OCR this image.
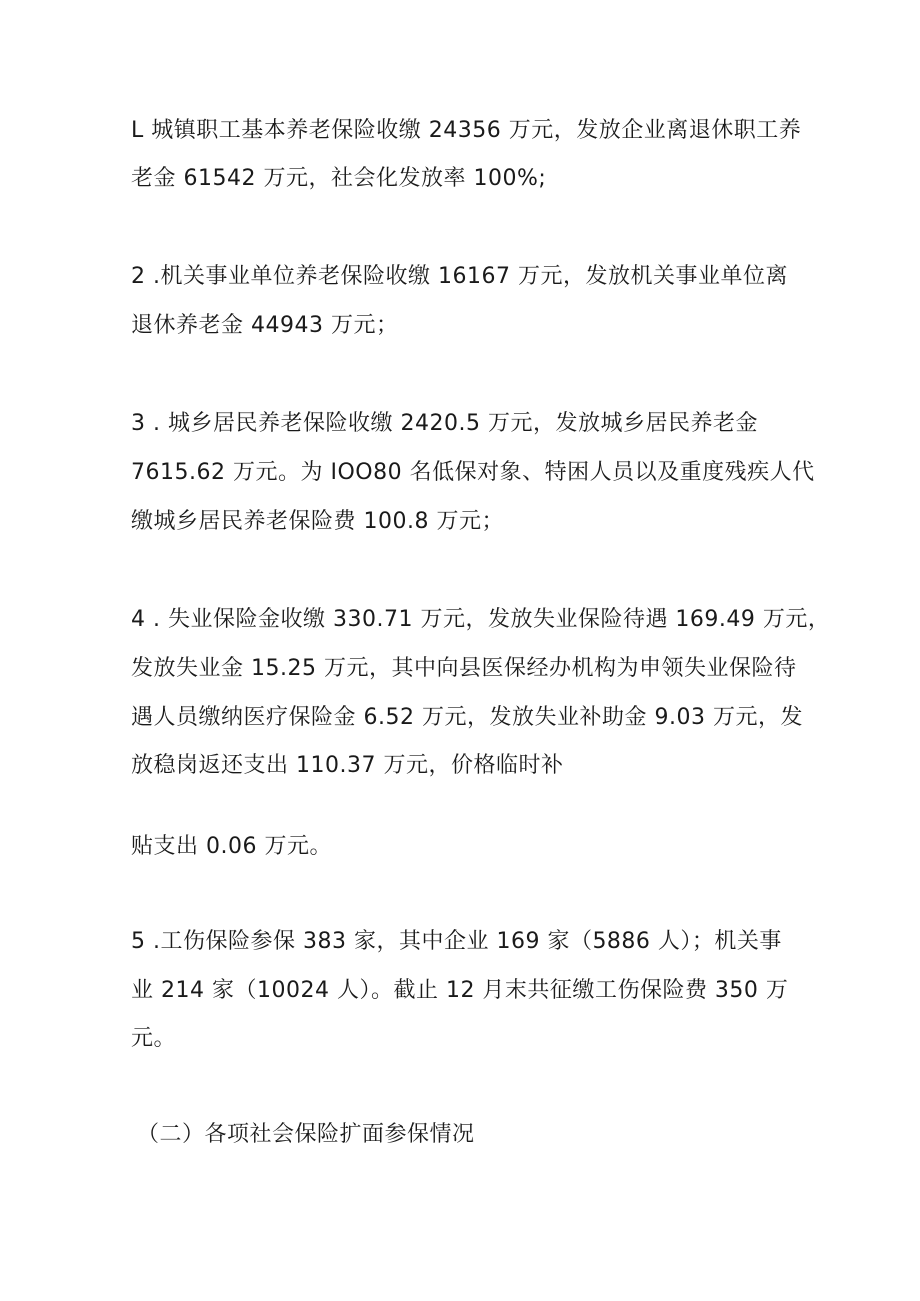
L 城镇职工基本养老保险收缴 24356 万元，发放企业离退休职工养
老金 61542 万元，社会化发放率 100%;
2 .机关事业单位养老保险收缴 16167 万元，发放机关事业单位离
退休养老金 44943 万元；
3 . 城乡居民养老保险收缴 2420.5 万元，发放城乡居民养老金
7615.62 万元。为 IOO80 名低保对象、特困人员以及重度残疾人代
缴城乡居民养老保险费 100.8 万元；
4 . 失业保险金收缴 330.71 万元，发放失业保险待遇 169.49 万元，
发放失业金 15.25 万元，其中向县医保经办机构为申领失业保险待
遇人员缴纳医疗保险金 6.52 万元，发放失业补助金 9.03 万元，发
放稳岗返还支出 110.37 万元，价格临时补
贴支出 0.06 万元。
5 .工伤保险参保 383 家，其中企业 169 家（5886 人）；机关事
业 214 家（10024 人）。截止 12 月末共征缴工伤保险费 350 万
元。
（二）各项社会保险扩面参保情况
